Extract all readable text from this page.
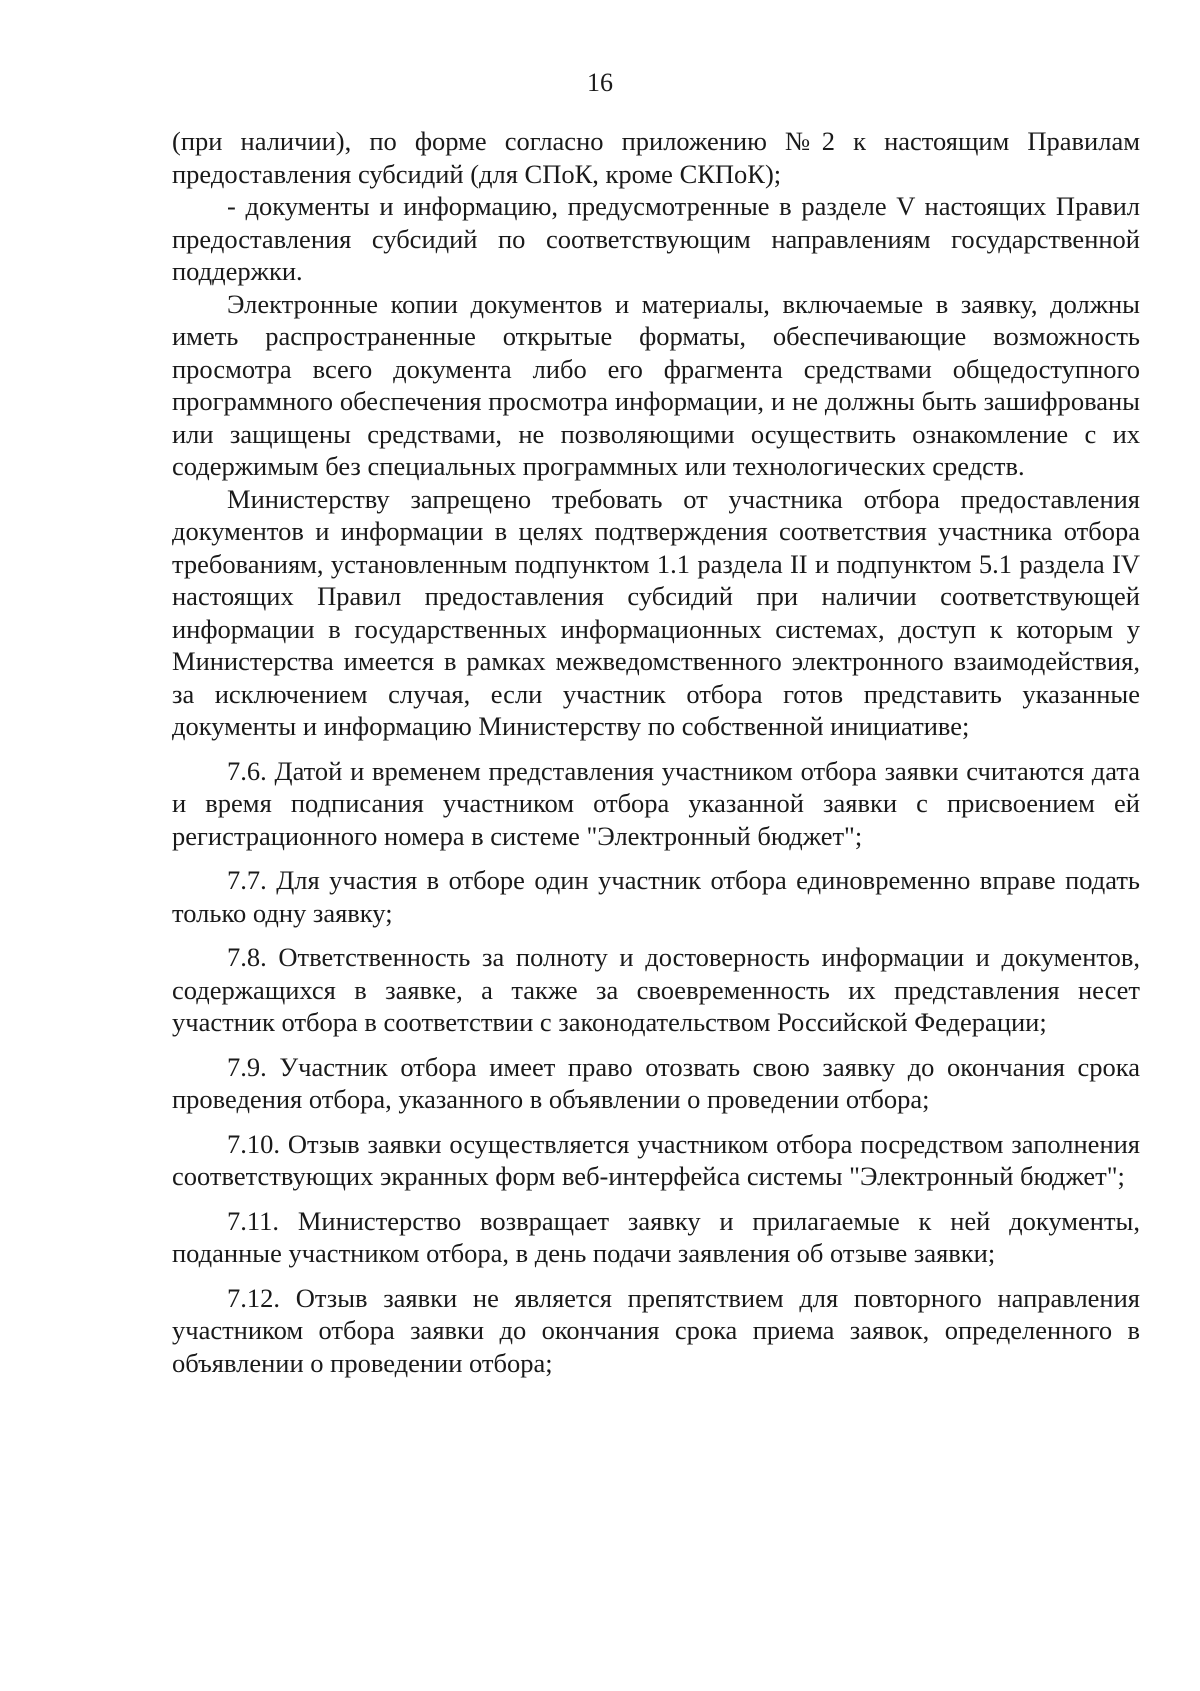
16

(при наличии), по форме согласно приложению №2 к настоящим Правилам предоставления субсидий (для СПоК, кроме СКПоК);

- документы и информацию, предусмотренные в разделе V настоящих Правил предоставления субсидий по соответствующим направлениям государственной поддержки.

Электронные копии документов и материалы, включаемые в заявку, должны иметь распространенные открытые форматы, обеспечивающие возможность просмотра всего документа либо его фрагмента средствами общедоступного программного обеспечения просмотра информации, и не должны быть зашифрованы или защищены средствами, не позволяющими осуществить ознакомление с их содержимым без специальных программных или технологических средств.

Министерству запрещено требовать от участника отбора предоставления документов и информации в целях подтверждения соответствия участника отбора требованиям, установленным подпунктом 1.1 раздела II и подпунктом 5.1 раздела IV настоящих Правил предоставления субсидий при наличии соответствующей информации в государственных информационных системах, доступ к которым у Министерства имеется в рамках межведомственного электронного взаимодействия, за исключением случая, если участник отбора готов представить указанные документы и информацию Министерству по собственной инициативе;

7.6. Датой и временем представления участником отбора заявки считаются дата и время подписания участником отбора указанной заявки с присвоением ей регистрационного номера в системе "Электронный бюджет";

7.7. Для участия в отборе один участник отбора единовременно вправе подать только одну заявку;

7.8. Ответственность за полноту и достоверность информации и документов, содержащихся в заявке, а также за своевременность их представления несет участник отбора в соответствии с законодательством Российской Федерации;

7.9. Участник отбора имеет право отозвать свою заявку до окончания срока проведения отбора, указанного в объявлении о проведении отбора;

7.10. Отзыв заявки осуществляется участником отбора посредством заполнения соответствующих экранных форм веб-интерфейса системы "Электронный бюджет";

7.11. Министерство возвращает заявку и прилагаемые к ней документы, поданные участником отбора, в день подачи заявления об отзыве заявки;

7.12. Отзыв заявки не является препятствием для повторного направления участником отбора заявки до окончания срока приема заявок, определенного в объявлении о проведении отбора;
